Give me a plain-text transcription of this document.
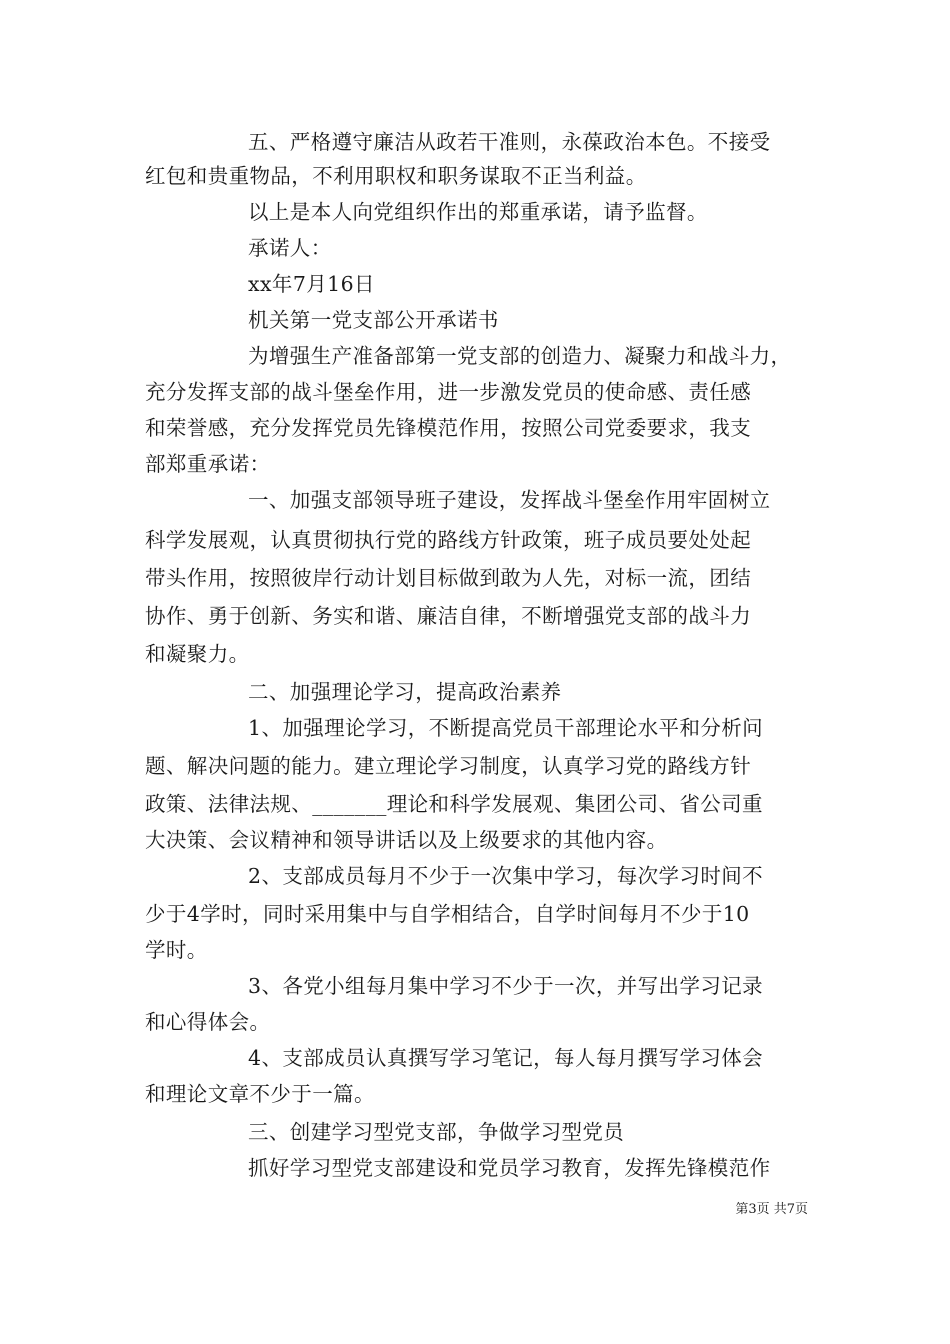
五、严格遵守廉洁从政若干准则，永葆政治本色。不接受
红包和贵重物品，不利用职权和职务谋取不正当利益。
以上是本人向党组织作出的郑重承诺，请予监督。
承诺人：
xx年7月16日
机关第一党支部公开承诺书
为增强生产准备部第一党支部的创造力、凝聚力和战斗力，
充分发挥支部的战斗堡垒作用，进一步激发党员的使命感、责任感
和荣誉感，充分发挥党员先锋模范作用，按照公司党委要求，我支
部郑重承诺：
一、加强支部领导班子建设，发挥战斗堡垒作用牢固树立
科学发展观，认真贯彻执行党的路线方针政策，班子成员要处处起
带头作用，按照彼岸行动计划目标做到敢为人先，对标一流，团结
协作、勇于创新、务实和谐、廉洁自律，不断增强党支部的战斗力
和凝聚力。
二、加强理论学习，提高政治素养
1、加强理论学习，不断提高党员干部理论水平和分析问
题、解决问题的能力。建立理论学习制度，认真学习党的路线方针
政策、法律法规、_______理论和科学发展观、集团公司、省公司重
大决策、会议精神和领导讲话以及上级要求的其他内容。
2、支部成员每月不少于一次集中学习，每次学习时间不
少于4学时，同时采用集中与自学相结合，自学时间每月不少于10
学时。
3、各党小组每月集中学习不少于一次，并写出学习记录
和心得体会。
4、支部成员认真撰写学习笔记，每人每月撰写学习体会
和理论文章不少于一篇。
三、创建学习型党支部，争做学习型党员
抓好学习型党支部建设和党员学习教育，发挥先锋模范作
第3页 共7页
